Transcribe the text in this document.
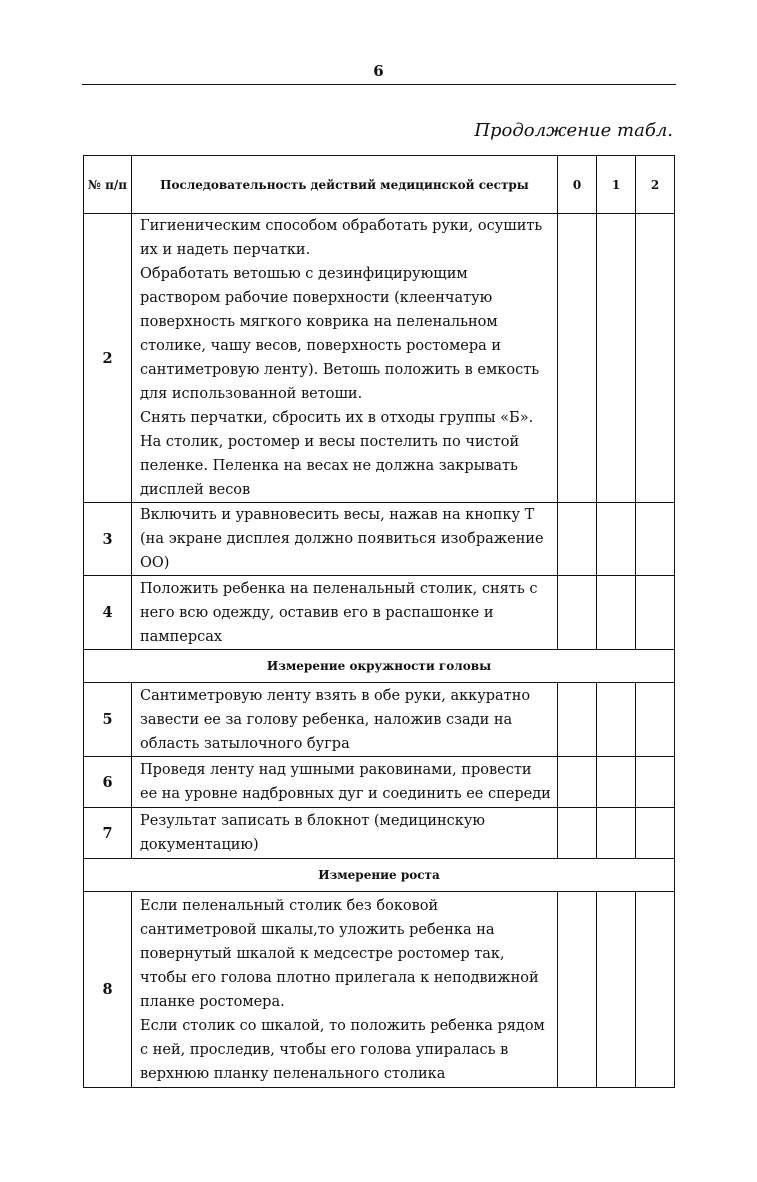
6
Продолжение табл.
№ п/п	Последовательность действий медицинской сестры	0	1	2
2	Гигиеническим способом обработать руки, осушить их и надеть перчатки.

Обработать ветошью с дезинфицирующим раствором рабочие поверхности (клеенчатую поверхность мягкого коврика на пеленальном столике, чашу весов, поверхность ростомера и сантиметровую ленту). Ветошь положить в емкость для использованной ветоши.

Снять перчатки, сбросить их в отходы группы «Б». На столик, ростомер и весы постелить по чистой пеленке. Пеленка на весах не должна закрывать дисплей весов			

3	Включить и уравновесить весы, нажав на кнопку Т (на экране дисплея должно появиться изображение ОО)			

4	Положить ребенка на пеленальный столик, снять с него всю одежду, оставив его в распашонке и памперсах			

Измерение окружности головы				
5	Сантиметровую ленту взять в обе руки, аккуратно завести ее за голову ребенка, наложив сзади на область затылочного бугра			

6	Проведя ленту над ушными раковинами, провести ее на уровне надбровных дуг и соединить ее спереди			

7	Результат записать в блокнот (медицинскую документацию)			

Измерение роста				
8	Если пеленальный столик без боковой сантиметровой шкалы,то уложить ребенка на повернутый шкалой к медсестре ростомер так, чтобы его голова плотно прилегала к неподвижной планке ростомера.

Если столик со шкалой, то положить ребенка рядом с ней, проследив, чтобы его голова упиралась в верхнюю планку пеленального столика			
